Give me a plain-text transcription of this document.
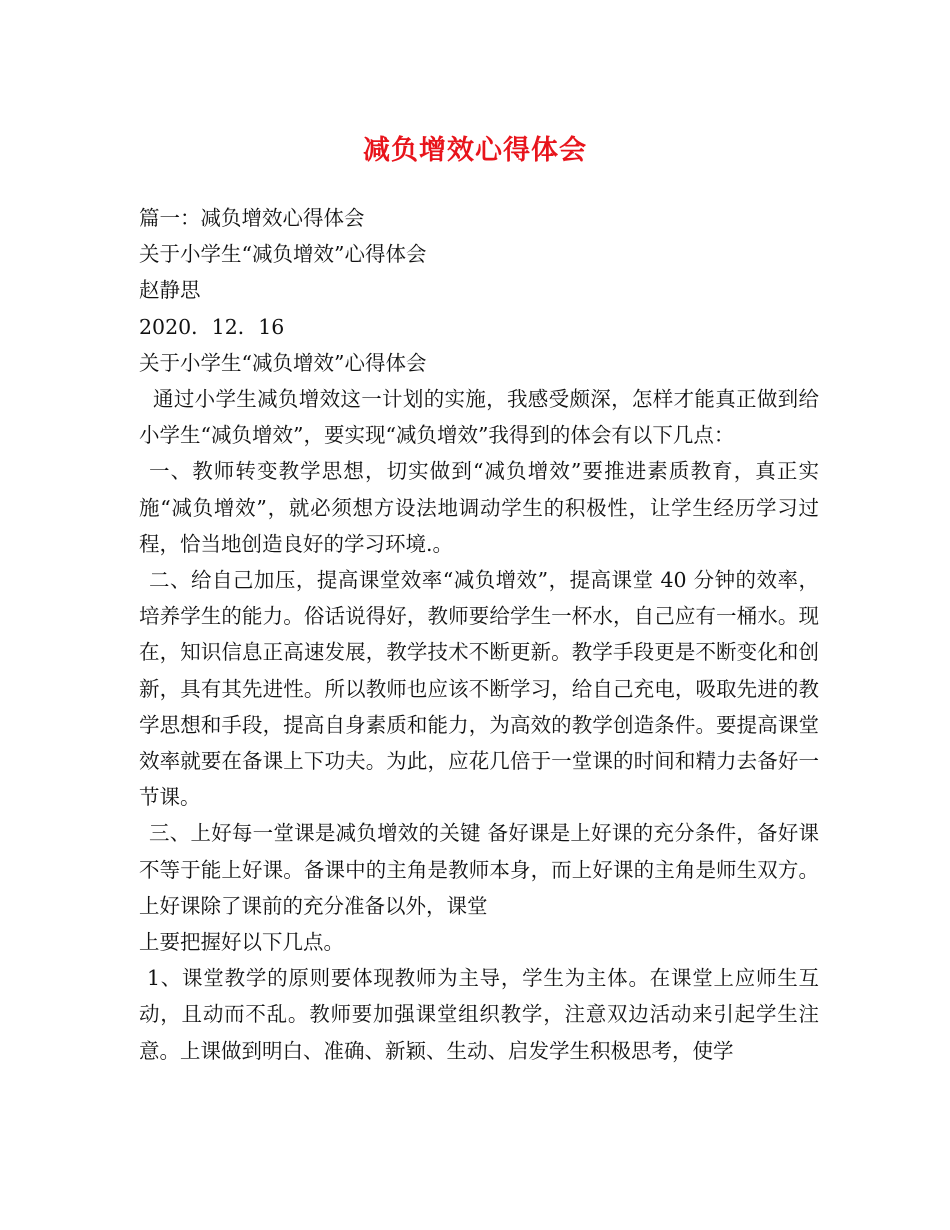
减负增效心得体会

篇一：减负增效心得体会

关于小学生“减负增效”心得体会

赵静思

2020．12．16

关于小学生“减负增效”心得体会

通过小学生减负增效这一计划的实施，我感受颇深，怎样才能真正做到给小学生“减负增效”，要实现“减负增效”我得到的体会有以下几点：

一、教师转变教学思想，切实做到“减负增效”要推进素质教育，真正实施“减负增效”，就必须想方设法地调动学生的积极性，让学生经历学习过程，恰当地创造良好的学习环境.。

二、给自己加压，提高课堂效率“减负增效”，提高课堂 40 分钟的效率，培养学生的能力。俗话说得好，教师要给学生一杯水，自己应有一桶水。现在，知识信息正高速发展，教学技术不断更新。教学手段更是不断变化和创新，具有其先进性。所以教师也应该不断学习，给自己充电，吸取先进的教学思想和手段，提高自身素质和能力，为高效的教学创造条件。要提高课堂效率就要在备课上下功夫。为此，应花几倍于一堂课的时间和精力去备好一节课。

三、上好每一堂课是减负增效的关键 备好课是上好课的充分条件，备好课不等于能上好课。备课中的主角是教师本身，而上好课的主角是师生双方。上好课除了课前的充分准备以外，课堂

上要把握好以下几点。

1、课堂教学的原则要体现教师为主导，学生为主体。在课堂上应师生互动，且动而不乱。教师要加强课堂组织教学，注意双边活动来引起学生注意。上课做到明白、准确、新颖、生动、启发学生积极思考，使学
